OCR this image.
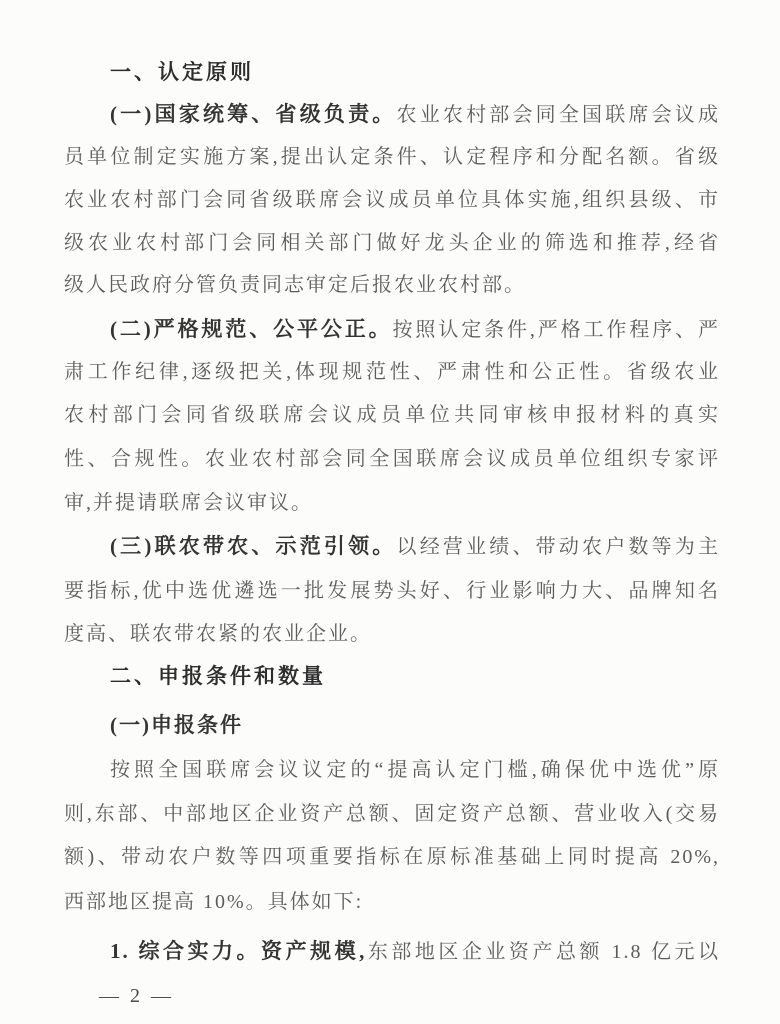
一、认定原则
(一)国家统筹、省级负责。农业农村部会同全国联席会议成
员单位制定实施方案,提出认定条件、认定程序和分配名额。省级
农业农村部门会同省级联席会议成员单位具体实施,组织县级、市
级农业农村部门会同相关部门做好龙头企业的筛选和推荐,经省
级人民政府分管负责同志审定后报农业农村部。
(二)严格规范、公平公正。按照认定条件,严格工作程序、严
肃工作纪律,逐级把关,体现规范性、严肃性和公正性。省级农业
农村部门会同省级联席会议成员单位共同审核申报材料的真实
性、合规性。农业农村部会同全国联席会议成员单位组织专家评
审,并提请联席会议审议。
(三)联农带农、示范引领。以经营业绩、带动农户数等为主
要指标,优中选优遴选一批发展势头好、行业影响力大、品牌知名
度高、联农带农紧的农业企业。
二、申报条件和数量
(一)申报条件
按照全国联席会议议定的“提高认定门槛,确保优中选优”原
则,东部、中部地区企业资产总额、固定资产总额、营业收入(交易
额)、带动农户数等四项重要指标在原标准基础上同时提高 20%,
西部地区提高 10%。具体如下:
1. 综合实力。资产规模,东部地区企业资产总额 1.8 亿元以
— 2 —
